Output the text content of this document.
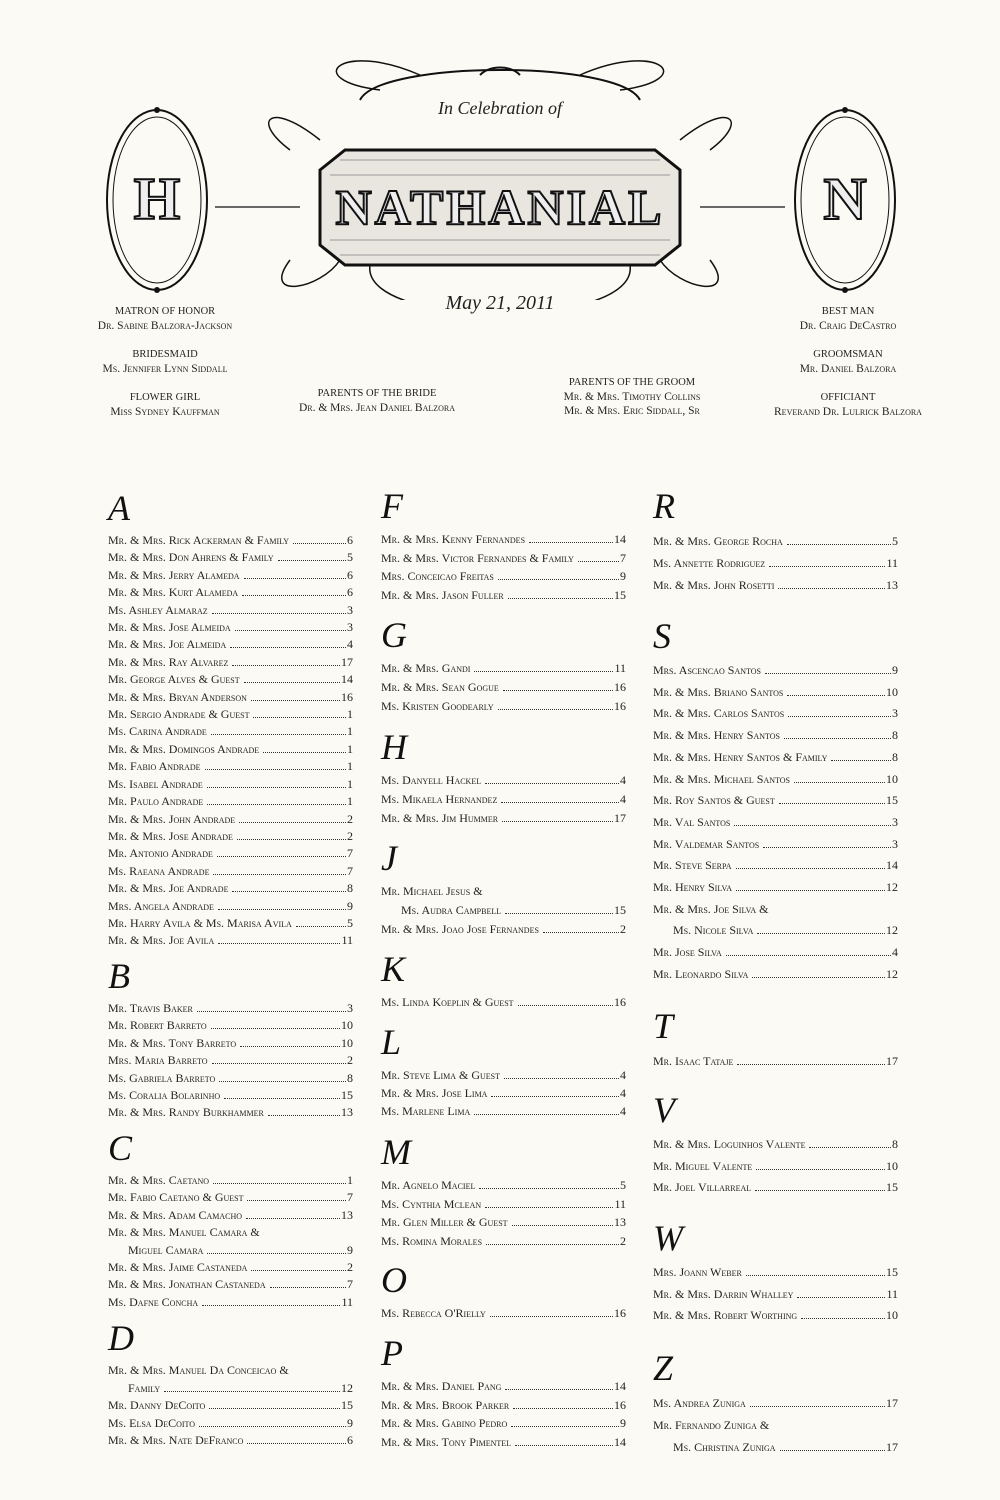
In Celebration of
NATHANIAL
May 21, 2011
H	N
MATRON OF HONOR
Dr. Sabine Balzora-Jackson
BRIDESMAID
Ms. Jennifer Lynn Siddall
FLOWER GIRL
Miss Sydney Kauffman
PARENTS OF THE BRIDE
Dr. & Mrs. Jean Daniel Balzora
PARENTS OF THE GROOM
Mr. & Mrs. Timothy Collins
Mr. & Mrs. Eric Siddall, Sr
BEST MAN
Dr. Craig DeCastro
GROOMSMAN
Mr. Daniel Balzora
OFFICIANT
Reverand Dr. Lulrick Balzora
A
Mr. & Mrs. Rick Ackerman & Family	6
Mr. & Mrs. Don Ahrens & Family	5
Mr. & Mrs. Jerry Alameda	6
Mr. & Mrs. Kurt Alameda	6
Ms. Ashley Almaraz	3
Mr. & Mrs. Jose Almeida	3
Mr. & Mrs. Joe Almeida	4
Mr. & Mrs. Ray Alvarez	17
Mr. George Alves & Guest	14
Mr. & Mrs. Bryan Anderson	16
Mr. Sergio Andrade & Guest	1
Ms. Carina Andrade	1
Mr. & Mrs. Domingos Andrade	1
Mr. Fabio Andrade	1
Ms. Isabel Andrade	1
Mr. Paulo Andrade	1
Mr. & Mrs. John Andrade	2
Mr. & Mrs. Jose Andrade	2
Mr. Antonio Andrade	7
Ms. Raeana Andrade	7
Mr. & Mrs. Joe Andrade	8
Mrs. Angela Andrade	9
Mr. Harry Avila & Ms. Marisa Avila	5
Mr. & Mrs. Joe Avila	11
B
Mr. Travis Baker	3
Mr. Robert Barreto	10
Mr. & Mrs. Tony Barreto	10
Mrs. Maria Barreto	2
Ms. Gabriela Barreto	8
Ms. Coralia Bolarinho	15
Mr. & Mrs. Randy Burkhammer	13
C
Mr. & Mrs. Caetano	1
Mr. Fabio Caetano & Guest	7
Mr. & Mrs. Adam Camacho	13
Mr. & Mrs. Manuel Camara &
Miguel Camara	9
Mr. & Mrs. Jaime Castaneda	2
Mr. & Mrs. Jonathan Castaneda	7
Ms. Dafne Concha	11
D
Mr. & Mrs. Manuel Da Conceicao &
Family	12
Mr. Danny DeCoito	15
Ms. Elsa DeCoito	9
Mr. & Mrs. Nate DeFranco	6
F
Mr. & Mrs. Kenny Fernandes	14
Mr. & Mrs. Victor Fernandes & Family	7
Mrs. Conceicao Freitas	9
Mr. & Mrs. Jason Fuller	15
G
Mr. & Mrs. Gandi	11
Mr. & Mrs. Sean Gogue	16
Ms. Kristen Goodearly	16
H
Ms. Danyell Hackel	4
Ms. Mikaela Hernandez	4
Mr. & Mrs. Jim Hummer	17
J
Mr. Michael Jesus &
Ms. Audra Campbell	15
Mr. & Mrs. Joao Jose Fernandes	2
K
Ms. Linda Koeplin & Guest	16
L
Mr. Steve Lima & Guest	4
Mr. & Mrs. Jose Lima	4
Ms. Marlene Lima	4
M
Mr. Agnelo Maciel	5
Ms. Cynthia Mclean	11
Mr. Glen Miller & Guest	13
Ms. Romina Morales	2
O
Ms. Rebecca O'Rielly	16
P
Mr. & Mrs. Daniel Pang	14
Mr. & Mrs. Brook Parker	16
Mr. & Mrs. Gabino Pedro	9
Mr. & Mrs. Tony Pimentel	14
R
Mr. & Mrs. George Rocha	5
Ms. Annette Rodriguez	11
Mr. & Mrs. John Rosetti	13
S
Mrs. Ascencao Santos	9
Mr. & Mrs. Briano Santos	10
Mr. & Mrs. Carlos Santos	3
Mr. & Mrs. Henry Santos	8
Mr. & Mrs. Henry Santos & Family	8
Mr. & Mrs. Michael Santos	10
Mr. Roy Santos & Guest	15
Mr. Val Santos	3
Mr. Valdemar Santos	3
Mr. Steve Serpa	14
Mr. Henry Silva	12
Mr. & Mrs. Joe Silva &
Ms. Nicole Silva	12
Mr. Jose Silva	4
Mr. Leonardo Silva	12
T
Mr. Isaac Tataje	17
V
Mr. & Mrs. Loguinhos Valente	8
Mr. Miguel Valente	10
Mr. Joel Villarreal	15
W
Mrs. Joann Weber	15
Mr. & Mrs. Darrin Whalley	11
Mr. & Mrs. Robert Worthing	10
Z
Ms. Andrea Zuniga	17
Mr. Fernando Zuniga &
Ms. Christina Zuniga	17
